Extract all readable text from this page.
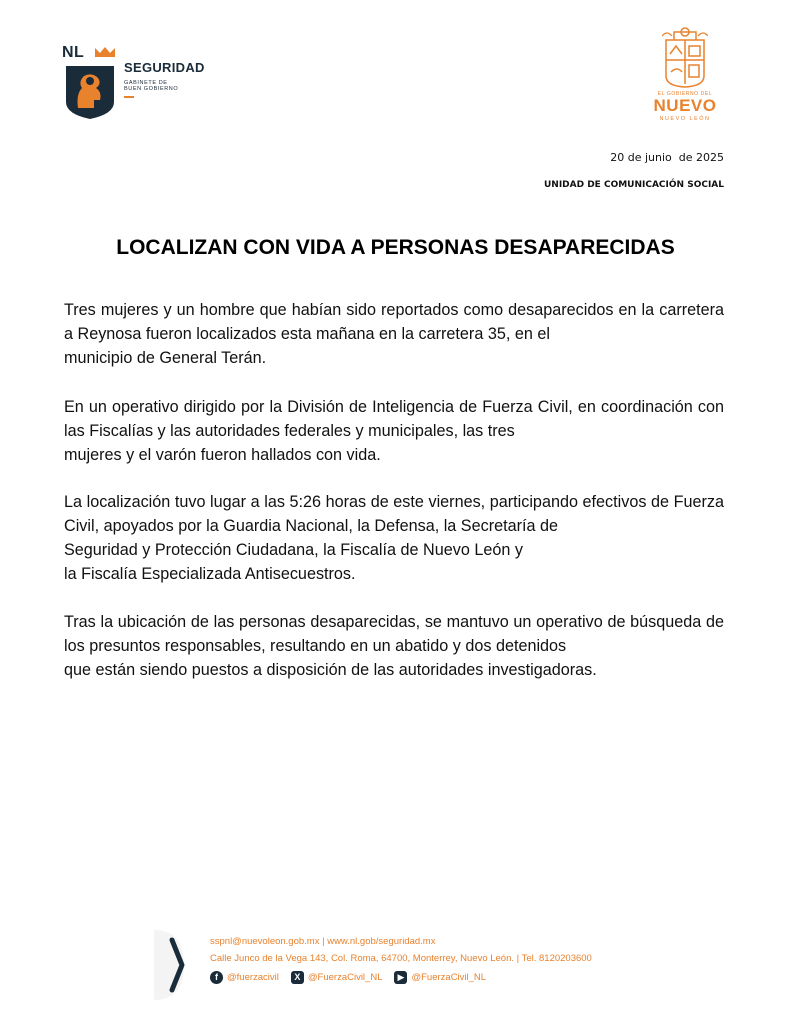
NL
SEGURIDAD
GABINETE DE
BUEN GOBIERNO
EL GOBIERNO DEL
NUEVO
NUEVO LEÓN
20 de junio  de 2025
UNIDAD DE COMUNICACIÓN SOCIAL
LOCALIZAN CON VIDA A PERSONAS DESAPARECIDAS
Tres mujeres y un hombre que habían sido reportados como desaparecidos en la carretera a Reynosa fueron localizados esta mañana en la carretera 35, en el
municipio de General Terán.
En un operativo dirigido por la División de Inteligencia de Fuerza Civil, en coordinación con las Fiscalías y las autoridades federales y municipales, las tres
mujeres y el varón fueron hallados con vida.
La localización tuvo lugar a las 5:26 horas de este viernes, participando efectivos de Fuerza Civil, apoyados por la Guardia Nacional, la Defensa, la Secretaría de
Seguridad y Protección Ciudadana, la Fiscalía de Nuevo León y
la Fiscalía Especializada Antisecuestros.
Tras la ubicación de las personas desaparecidas, se mantuvo un operativo de búsqueda de los presuntos responsables, resultando en un abatido y dos detenidos
que están siendo puestos a disposición de las autoridades investigadoras.
sspnl@nuevoleon.gob.mx | www.nl.gob/seguridad.mx
Calle Junco de la Vega 143, Col. Roma, 64700, Monterrey, Nuevo León. | Tel. 8120203600
f @fuerzacivil	X @FuerzaCivil_NL	▶ @FuerzaCivil_NL
